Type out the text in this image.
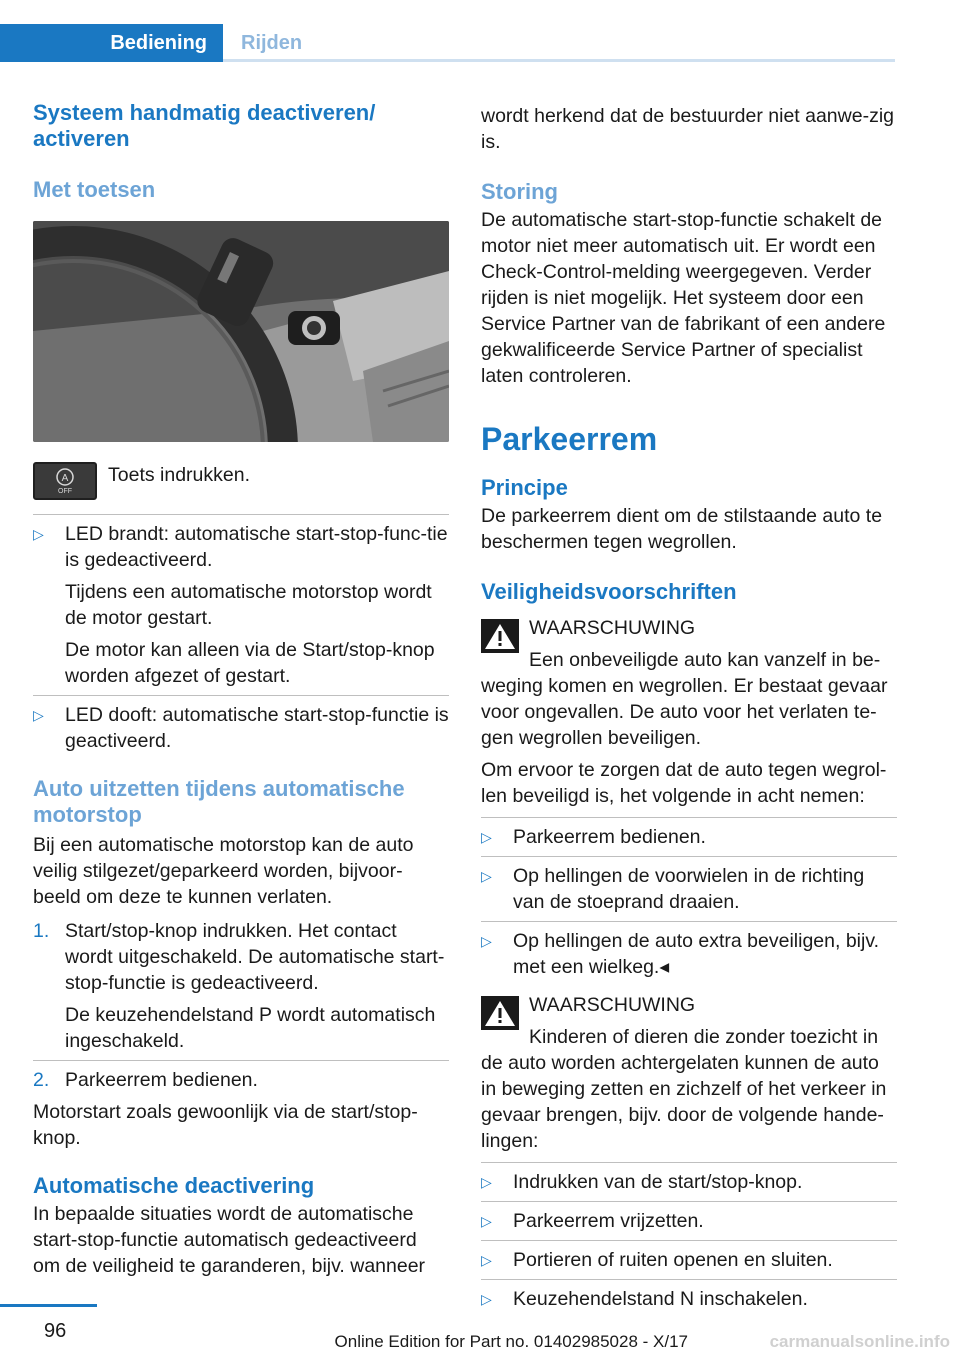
Bediening	Rijden
Systeem handmatig deactiveren/ activeren
Met toetsen
A
OFF

Toets indrukken.

▷	LED brandt: automatische start-stop-func-tie is gedeactiveerd.

Tijdens een automatische motorstop wordt de motor gestart.

De motor kan alleen via de Start/stop-knop worden afgezet of gestart.

▷	LED dooft: automatische start-stop-functie is geactiveerd.

Auto uitzetten tijdens automatische motorstop

Bij een automatische motorstop kan de auto veilig stilgezet/geparkeerd worden, bijvoor-beeld om deze te kunnen verlaten.

1. Start/stop-knop indrukken. Het contact wordt uitgeschakeld. De automatische start-stop-functie is gedeactiveerd.

De keuzehendelstand P wordt automatisch ingeschakeld.

2. Parkeerrem bedienen.

Motorstart zoals gewoonlijk via de start/stop-knop.

Automatische deactivering

In bepaalde situaties wordt de automatische start-stop-functie automatisch gedeactiveerd om de veiligheid te garanderen, bijv. wanneer

wordt herkend dat de bestuurder niet aanwe-zig is.

Storing

De automatische start-stop-functie schakelt de motor niet meer automatisch uit. Er wordt een Check-Control-melding weergegeven. Verder rijden is niet mogelijk. Het systeem door een Service Partner van de fabrikant of een andere gekwalificeerde Service Partner of specialist laten controleren.

Parkeerrem
Principe

De parkeerrem dient om de stilstaande auto te beschermen tegen wegrollen.

Veiligheidsvoorschriften

WAARSCHUWING

Een onbeveiligde auto kan vanzelf in be-

weging komen en wegrollen. Er bestaat gevaar voor ongevallen. De auto voor het verlaten te-gen wegrollen beveiligen.

Om ervoor te zorgen dat de auto tegen wegrol-len beveiligd is, het volgende in acht nemen:

▷	Parkeerrem bedienen.

▷	Op hellingen de voorwielen in de richting van de stoeprand draaien.

▷	Op hellingen de auto extra beveiligen, bijv. met een wielkeg.◂

WAARSCHUWING

Kinderen of dieren die zonder toezicht in

de auto worden achtergelaten kunnen de auto in beweging zetten en zichzelf of het verkeer in gevaar brengen, bijv. door de volgende hande-lingen:

▷	Indrukken van de start/stop-knop.

▷	Parkeerrem vrijzetten.

▷	Portieren of ruiten openen en sluiten.

▷	Keuzehendelstand N inschakelen.

96	Online Edition for Part no. 01402985028 - X/17	carmanualsonline.info
